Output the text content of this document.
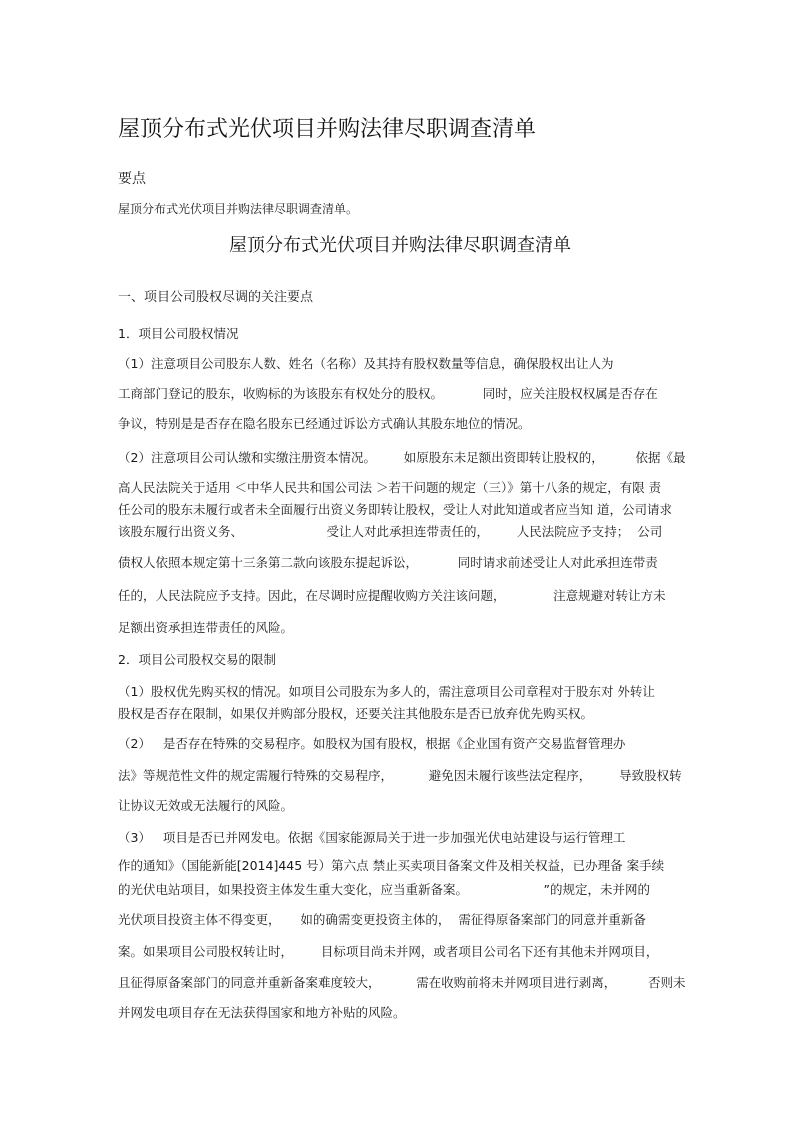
屋顶分布式光伏项目并购法律尽职调查清单
要点
屋顶分布式光伏项目并购法律尽职调查清单。
屋顶分布式光伏项目并购法律尽职调查清单
一、项目公司股权尽调的关注要点
1．项目公司股权情况
（1）注意项目公司股东人数、姓名（名称）及其持有股权数量等信息，确保股权出让人为
工商部门登记的股东，收购标的为该股东有权处分的股权。          同时，应关注股权权属是否存在
争议，特别是是否存在隐名股东已经通过诉讼方式确认其股东地位的情况。
（2）注意项目公司认缴和实缴注册资本情况。       如原股东未足额出资即转让股权的，        依据《最
高人民法院关于适用 ＜中华人民共和国公司法 ＞若干问题的规定（三）》第十八条的规定，有限 责
任公司的股东未履行或者未全面履行出资义务即转让股权，受让人对此知道或者应当知 道，公司请求
该股东履行出资义务、                     受让人对此承担连带责任的，       人民法院应予支持；  公司
债权人依照本规定第十三条第二款向该股东提起诉讼，          同时请求前述受让人对此承担连带责
任的，人民法院应予支持。因此，在尽调时应提醒收购方关注该问题，            注意规避对转让方未
足额出资承担连带责任的风险。
2．项目公司股权交易的限制
（1）股权优先购买权的情况。如项目公司股东为多人的，需注意项目公司章程对于股东对 外转让
股权是否存在限制，如果仅并购部分股权，还要关注其他股东是否已放弃优先购买权。
（2）   是否存在特殊的交易程序。如股权为国有股权，根据《企业国有资产交易监督管理办
法》等规范性文件的规定需履行特殊的交易程序，         避免因未履行该些法定程序，       导致股权转
让协议无效或无法履行的风险。
（3）   项目是否已并网发电。依据《国家能源局关于进一步加强光伏电站建设与运行管理工
作的通知》（国能新能[2014]445 号）第六点 禁止买卖项目备案文件及相关权益，已办理备 案手续
的光伏电站项目，如果投资主体发生重大变化，应当重新备案。                   ”的规定，未并网的
光伏项目投资主体不得变更，     如的确需变更投资主体的，  需征得原备案部门的同意并重新备
案。如果项目公司股权转让时，       目标项目尚未并网，或者项目公司名下还有其他未并网项目，
且征得原备案部门的同意并重新备案难度较大，         需在收购前将未并网项目进行剥离，        否则未
并网发电项目存在无法获得国家和地方补贴的风险。
